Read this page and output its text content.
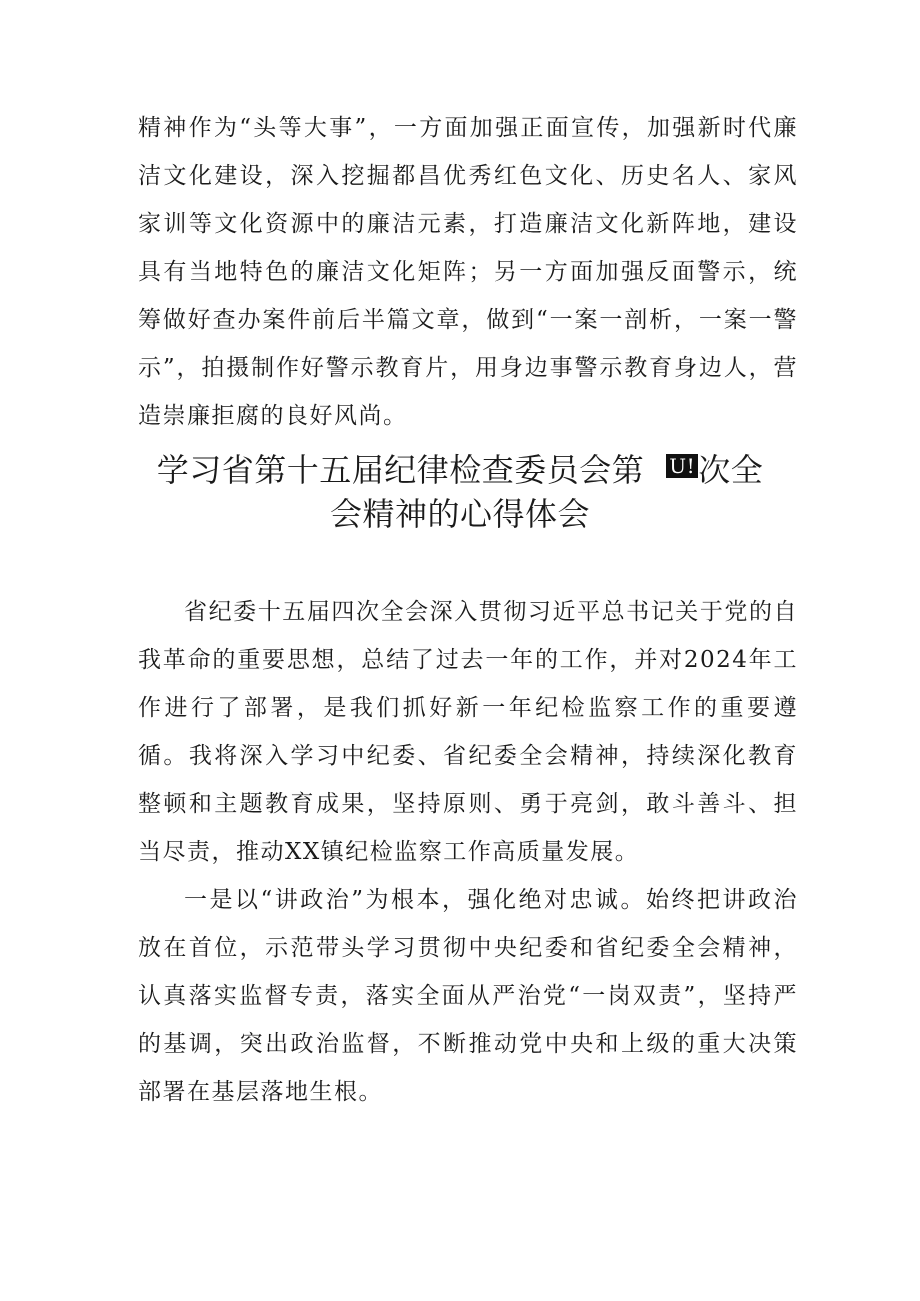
精神作为“头等大事”，一方面加强正面宣传，加强新时代廉洁文化建设，深入挖掘都昌优秀红色文化、历史名人、家风家训等文化资源中的廉洁元素，打造廉洁文化新阵地，建设具有当地特色的廉洁文化矩阵；另一方面加强反面警示，统筹做好查办案件前后半篇文章，做到“一案一剖析，一案一警示”，拍摄制作好警示教育片，用身边事警示教育身边人，营造崇廉拒腐的良好风尚。

学习省第十五届纪律检查委员会第 U!次全
会精神的心得体会

省纪委十五届四次全会深入贯彻习近平总书记关于党的自我革命的重要思想，总结了过去一年的工作，并对2024年工作进行了部署，是我们抓好新一年纪检监察工作的重要遵循。我将深入学习中纪委、省纪委全会精神，持续深化教育整顿和主题教育成果，坚持原则、勇于亮剑，敢斗善斗、担当尽责，推动XX镇纪检监察工作高质量发展。

一是以“讲政治”为根本，强化绝对忠诚。始终把讲政治放在首位，示范带头学习贯彻中央纪委和省纪委全会精神，认真落实监督专责，落实全面从严治党“一岗双责”，坚持严的基调，突出政治监督，不断推动党中央和上级的重大决策部署在基层落地生根。
